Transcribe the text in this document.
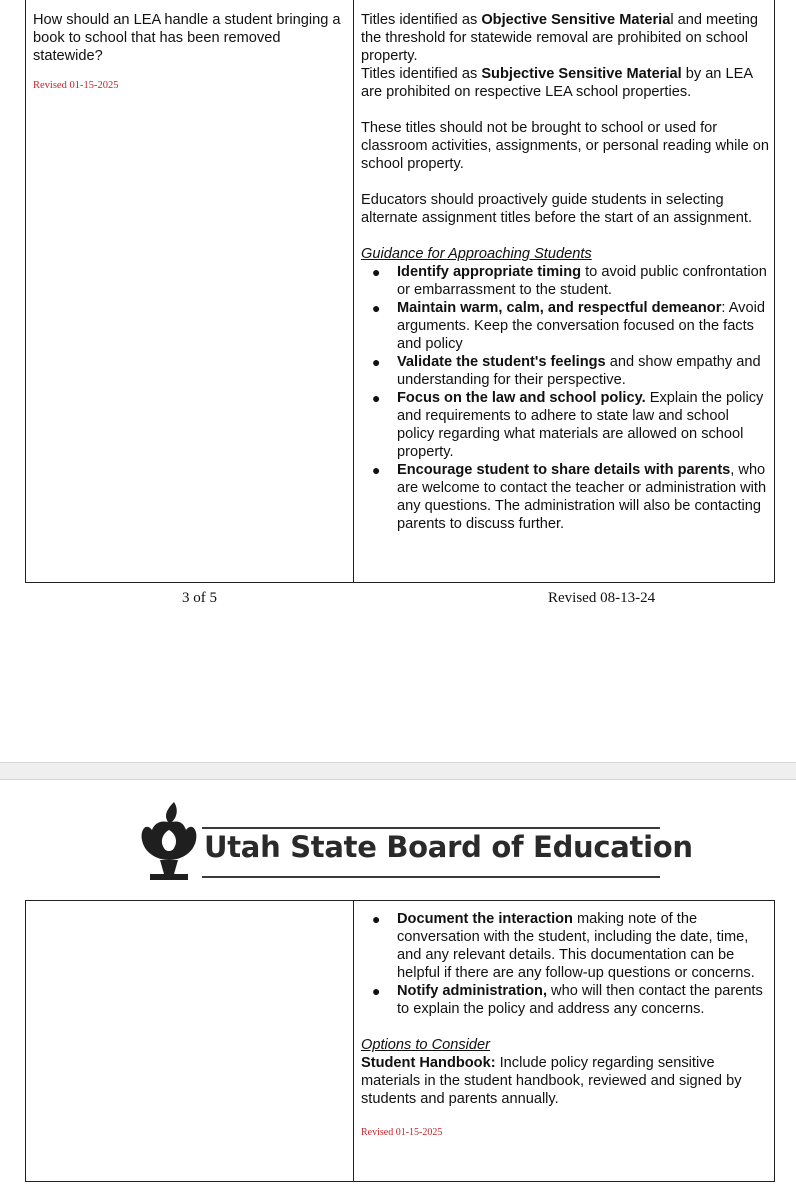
How should an LEA handle a student bringing a book to school that has been removed statewide?
Revised 01-15-2025

Titles identified as Objective Sensitive Material and meeting the threshold for statewide removal are prohibited on school property.

Titles identified as Subjective Sensitive Material by an LEA are prohibited on respective LEA school properties.

These titles should not be brought to school or used for classroom activities, assignments, or personal reading while on school property.

Educators should proactively guide students in selecting alternate assignment titles before the start of an assignment.

Guidance for Approaching Students

● Identify appropriate timing to avoid public confrontation or embarrassment to the student.
● Maintain warm, calm, and respectful demeanor: Avoid arguments. Keep the conversation focused on the facts and policy
● Validate the student's feelings and show empathy and understanding for their perspective.
● Focus on the law and school policy. Explain the policy and requirements to adhere to state law and school policy regarding what materials are allowed on school property.
● Encourage student to share details with parents, who are welcome to contact the teacher or administration with any questions. The administration will also be contacting parents to discuss further.
3 of 5	Revised 08-13-24
Utah State Board of Education

● Document the interaction making note of the conversation with the student, including the date, time, and any relevant details. This documentation can be helpful if there are any follow-up questions or concerns.
● Notify administration, who will then contact the parents to explain the policy and address any concerns.

Options to Consider

Student Handbook: Include policy regarding sensitive materials in the student handbook, reviewed and signed by students and parents annually.

Revised 01-15-2025
